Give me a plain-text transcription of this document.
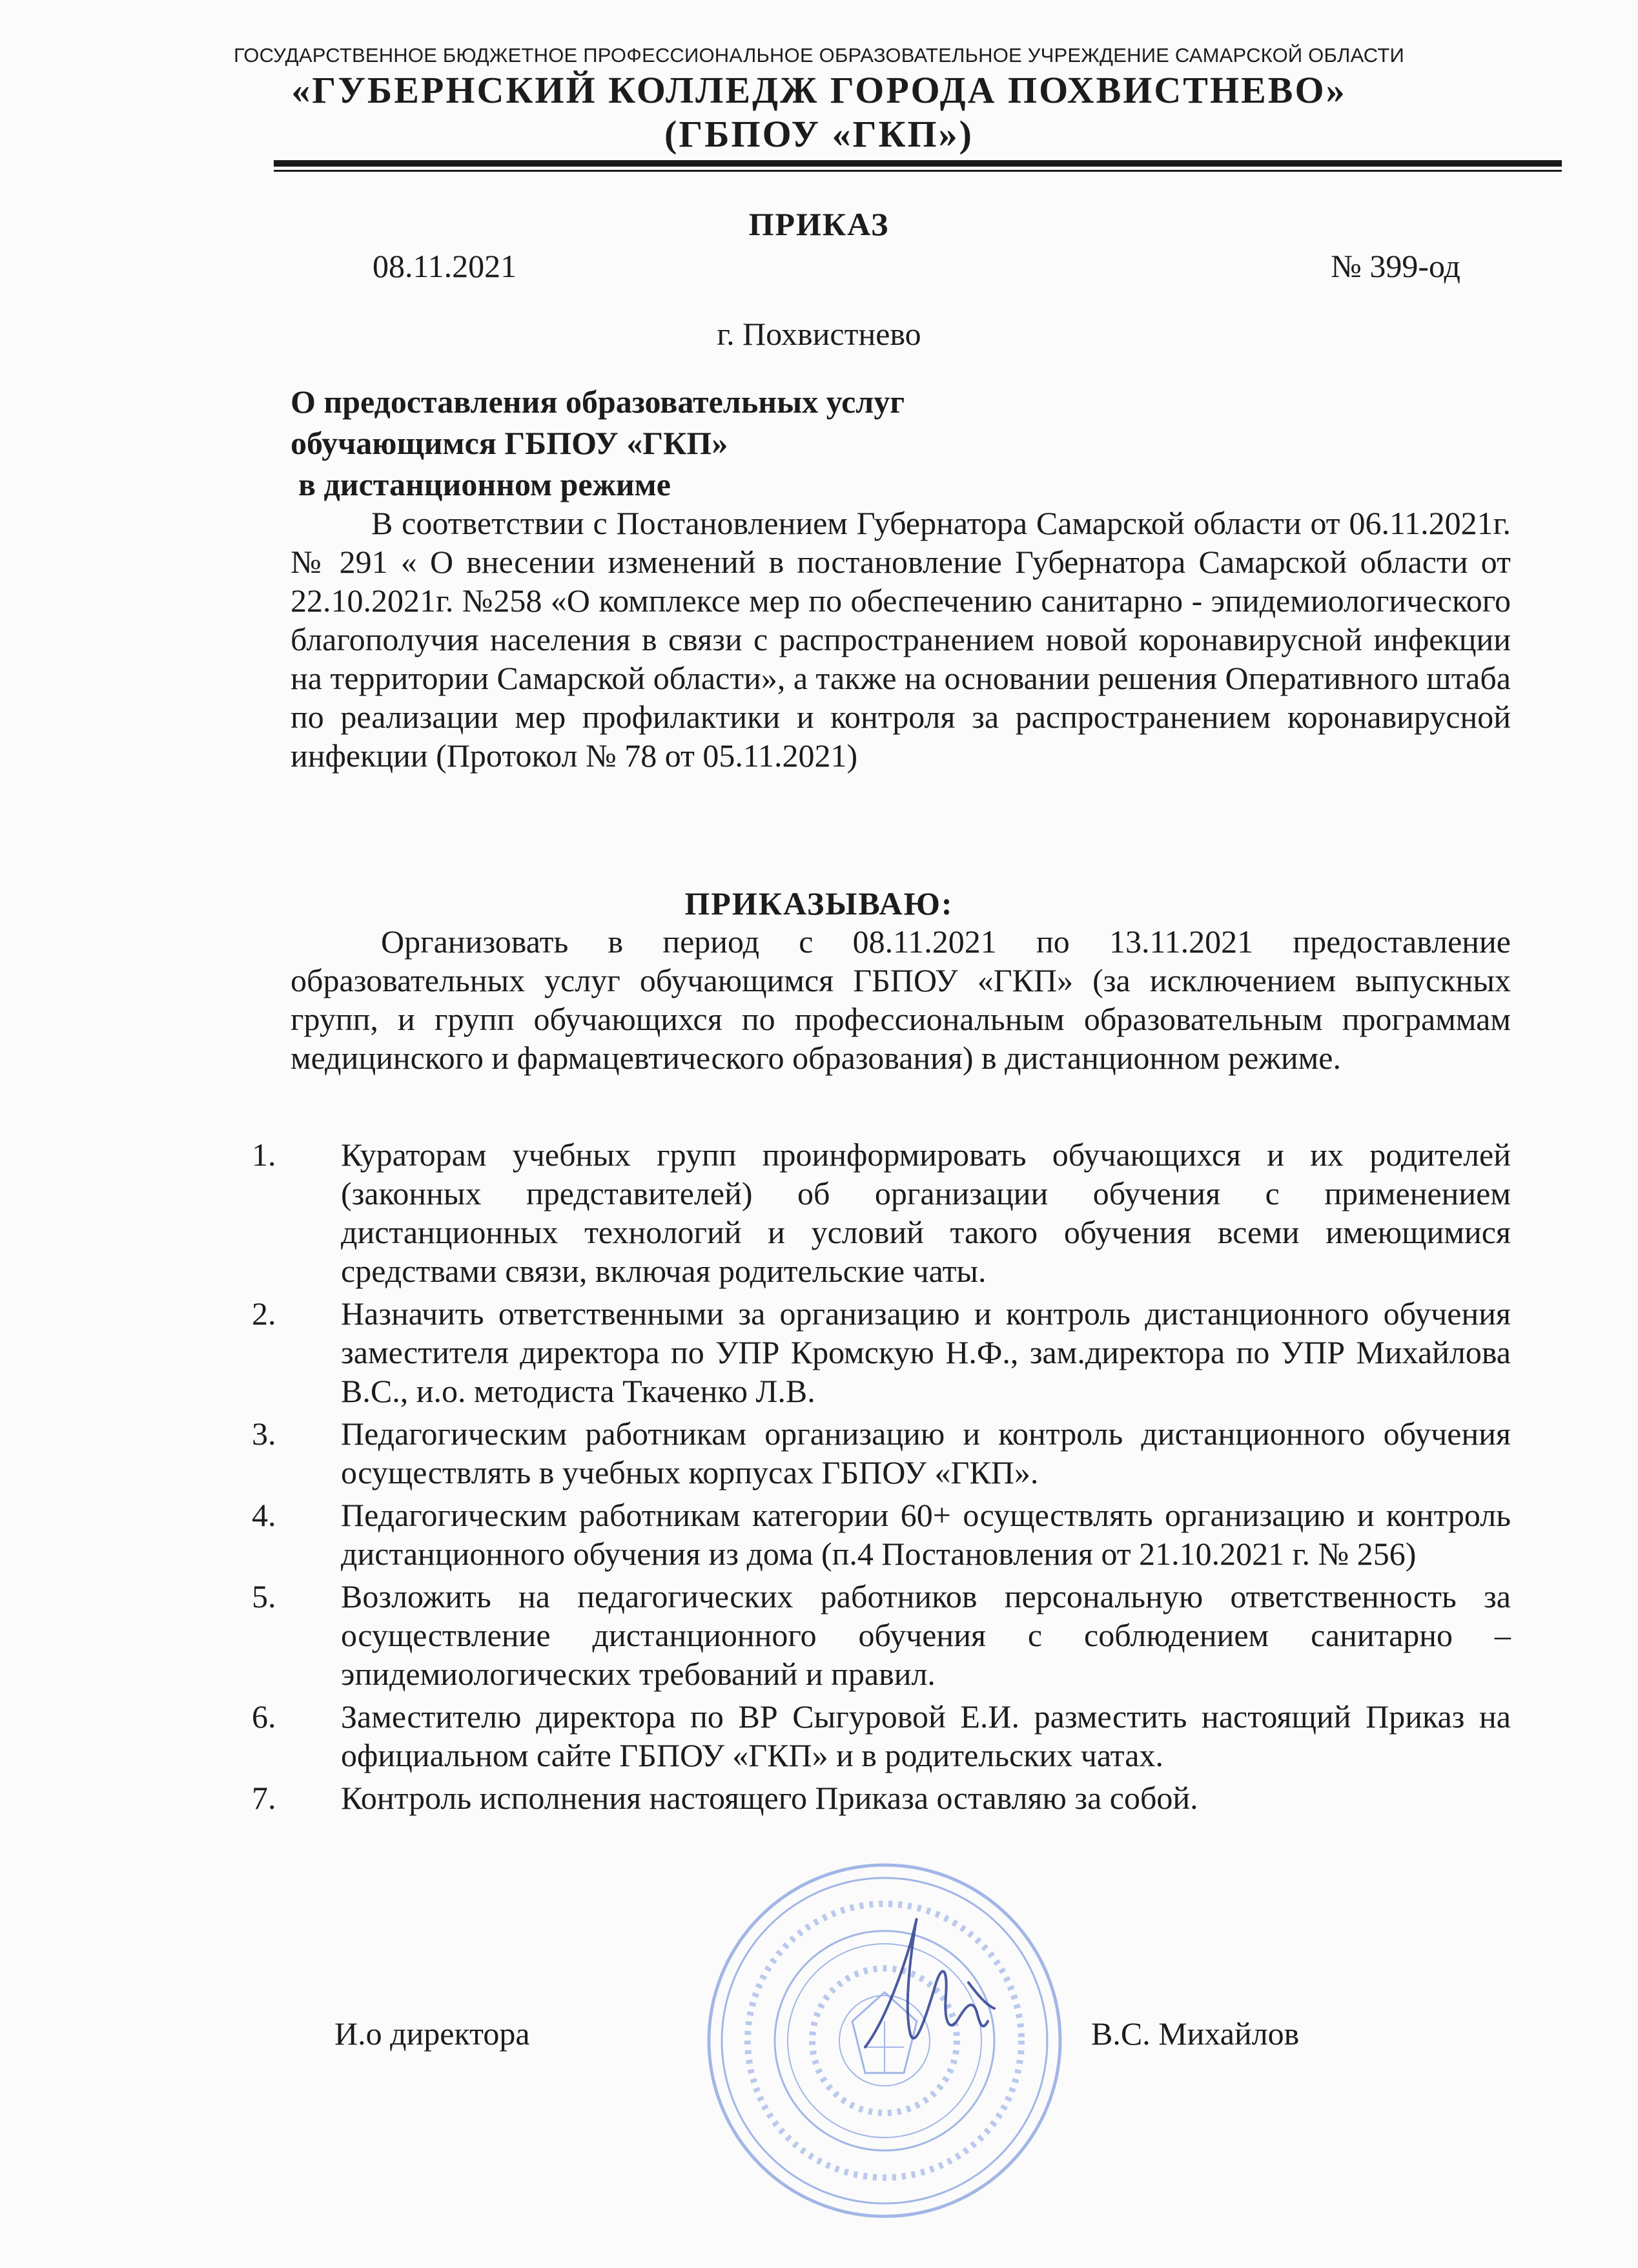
ГОСУДАРСТВЕННОЕ БЮДЖЕТНОЕ ПРОФЕССИОНАЛЬНОЕ ОБРАЗОВАТЕЛЬНОЕ УЧРЕЖДЕНИЕ САМАРСКОЙ ОБЛАСТИ
«ГУБЕРНСКИЙ КОЛЛЕДЖ ГОРОДА ПОХВИСТНЕВО»
(ГБПОУ «ГКП»)
ПРИКАЗ
08.11.2021	№ 399-од
г. Похвистнево
О предоставления образовательных услуг
обучающимся ГБПОУ «ГКП»
в дистанционном режиме
В соответствии с Постановлением Губернатора Самарской области от 06.11.2021г. № 291 « О внесении изменений в постановление Губернатора Самарской области от 22.10.2021г. №258 «О комплексе мер по обеспечению санитарно - эпидемиологического благополучия населения в связи с распространением новой коронавирусной инфекции на территории Самарской области», а также на основании решения Оперативного штаба по реализации мер профилактики и контроля за распространением коронавирусной инфекции (Протокол № 78 от 05.11.2021)
ПРИКАЗЫВАЮ:
Организовать в период с 08.11.2021 по 13.11.2021 предоставление образовательных услуг обучающимся ГБПОУ «ГКП» (за исключением выпускных групп, и групп обучающихся по профессиональным образовательным программам медицинского и фармацевтического образования) в дистанционном режиме.
1.	Кураторам учебных групп проинформировать обучающихся и их родителей (законных представителей) об организации обучения с применением дистанционных технологий и условий такого обучения всеми имеющимися средствами связи, включая родительские чаты.
2.	Назначить ответственными за организацию и контроль дистанционного обучения заместителя директора по УПР Кромскую Н.Ф., зам.директора по УПР Михайлова В.С., и.о. методиста Ткаченко Л.В.
3.	Педагогическим работникам организацию и контроль дистанционного обучения осуществлять в учебных корпусах ГБПОУ «ГКП».
4.	Педагогическим работникам категории 60+ осуществлять организацию и контроль дистанционного обучения из дома (п.4 Постановления от 21.10.2021 г. № 256)
5.	Возложить на педагогических работников персональную ответственность за осуществление дистанционного обучения с соблюдением санитарно – эпидемиологических требований и правил.
6.	Заместителю директора по ВР Сыгуровой Е.И. разместить настоящий Приказ на официальном сайте ГБПОУ «ГКП» и в родительских чатах.
7.	Контроль исполнения настоящего Приказа оставляю за собой.
И.о директора	В.С. Михайлов
